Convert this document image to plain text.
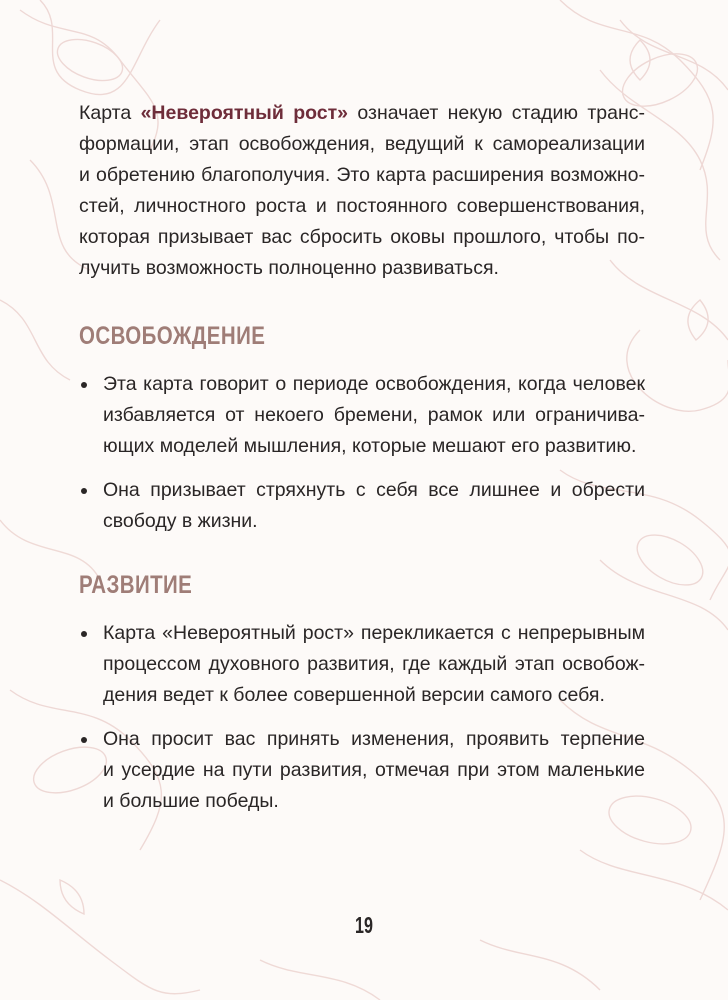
Карта «Невероятный рост» означает некую стадию транс-
формации, этап освобождения, ведущий к самореализации
и обретению благополучия. Это карта расширения возможно-
стей, личностного роста и постоянного совершенствования,
которая призывает вас сбросить оковы прошлого, чтобы по-
лучить возможность полноценно развиваться.
ОСВОБОЖДЕНИЕ
Эта карта говорит о периоде освобождения, когда человек
избавляется от некоего бремени, рамок или ограничива-
ющих моделей мышления, которые мешают его развитию.
Она призывает стряхнуть с себя все лишнее и обрести
свободу в жизни.
РАЗВИТИЕ
Карта «Невероятный рост» перекликается с непрерывным
процессом духовного развития, где каждый этап освобож-
дения ведет к более совершенной версии самого себя.
Она просит вас принять изменения, проявить терпение
и усердие на пути развития, отмечая при этом маленькие
и большие победы.
19
